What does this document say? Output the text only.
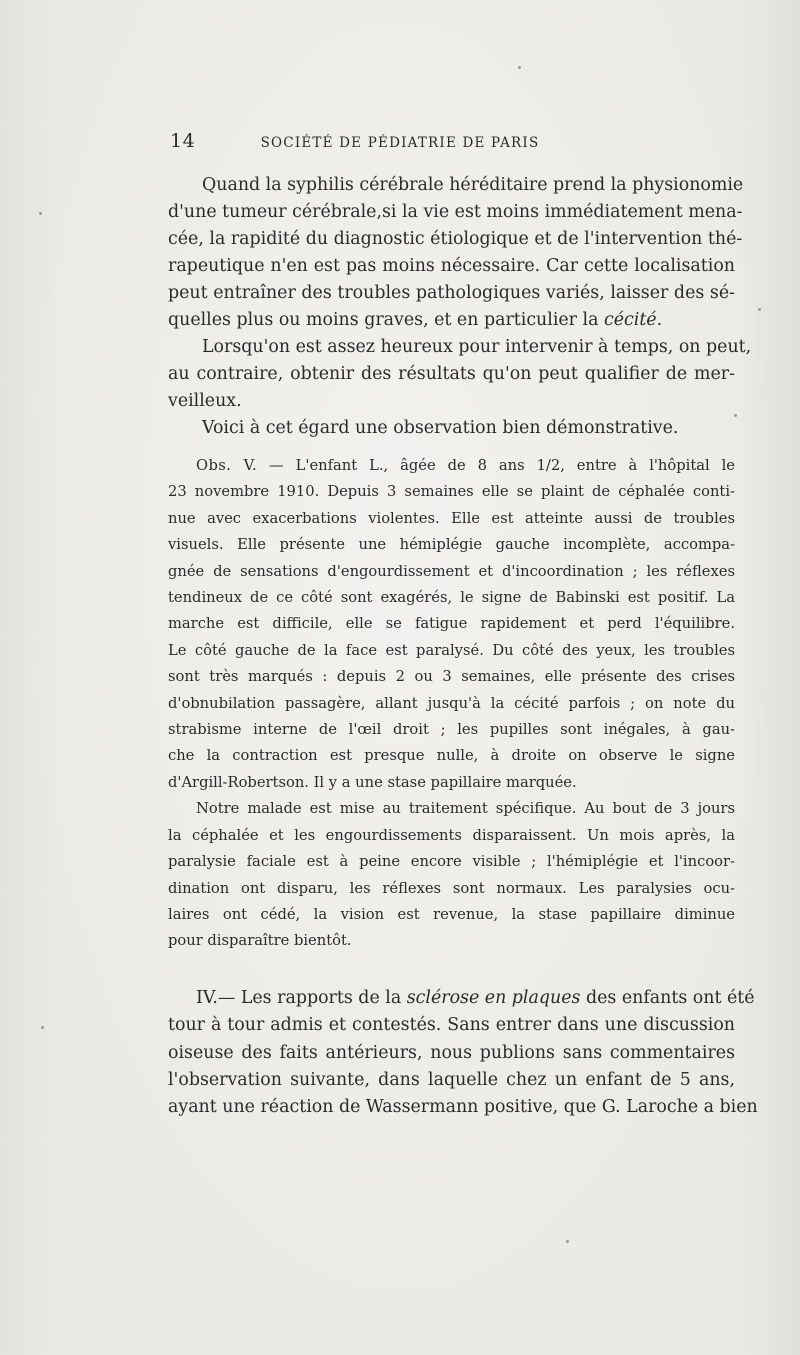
14	SOCIÉTÉ DE PÉDIATRIE DE PARIS
Quand la syphilis cérébrale héréditaire prend la physionomie
d'une tumeur cérébrale,si la vie est moins immédiatement mena-
cée, la rapidité du diagnostic étiologique et de l'intervention thé-
rapeutique n'en est pas moins nécessaire. Car cette localisation
peut entraîner des troubles pathologiques variés, laisser des sé-
quelles plus ou moins graves, et en particulier la cécité.
Lorsqu'on est assez heureux pour intervenir à temps, on peut,
au contraire, obtenir des résultats qu'on peut qualifier de mer-
veilleux.
Voici à cet égard une observation bien démonstrative.
Obs. V. — L'enfant L., âgée de 8 ans 1/2, entre à l'hôpital le
23 novembre 1910. Depuis 3 semaines elle se plaint de céphalée conti-
nue avec exacerbations violentes. Elle est atteinte aussi de troubles
visuels. Elle présente une hémiplégie gauche incomplète, accompa-
gnée de sensations d'engourdissement et d'incoordination ; les réflexes
tendineux de ce côté sont exagérés, le signe de Babinski est positif. La
marche est difficile, elle se fatigue rapidement et perd l'équilibre.
Le côté gauche de la face est paralysé. Du côté des yeux, les troubles
sont très marqués : depuis 2 ou 3 semaines, elle présente des crises
d'obnubilation passagère, allant jusqu'à la cécité parfois ; on note du
strabisme interne de l'œil droit ; les pupilles sont inégales, à gau-
che la contraction est presque nulle, à droite on observe le signe
d'Argill-Robertson. Il y a une stase papillaire marquée.
Notre malade est mise au traitement spécifique. Au bout de 3 jours
la céphalée et les engourdissements disparaissent. Un mois après, la
paralysie faciale est à peine encore visible ; l'hémiplégie et l'incoor-
dination ont disparu, les réflexes sont normaux. Les paralysies ocu-
laires ont cédé, la vision est revenue, la stase papillaire diminue
pour disparaître bientôt.
IV.— Les rapports de la sclérose en plaques des enfants ont été
tour à tour admis et contestés. Sans entrer dans une discussion
oiseuse des faits antérieurs, nous publions sans commentaires
l'observation suivante, dans laquelle chez un enfant de 5 ans,
ayant une réaction de Wassermann positive, que G. Laroche a bien
